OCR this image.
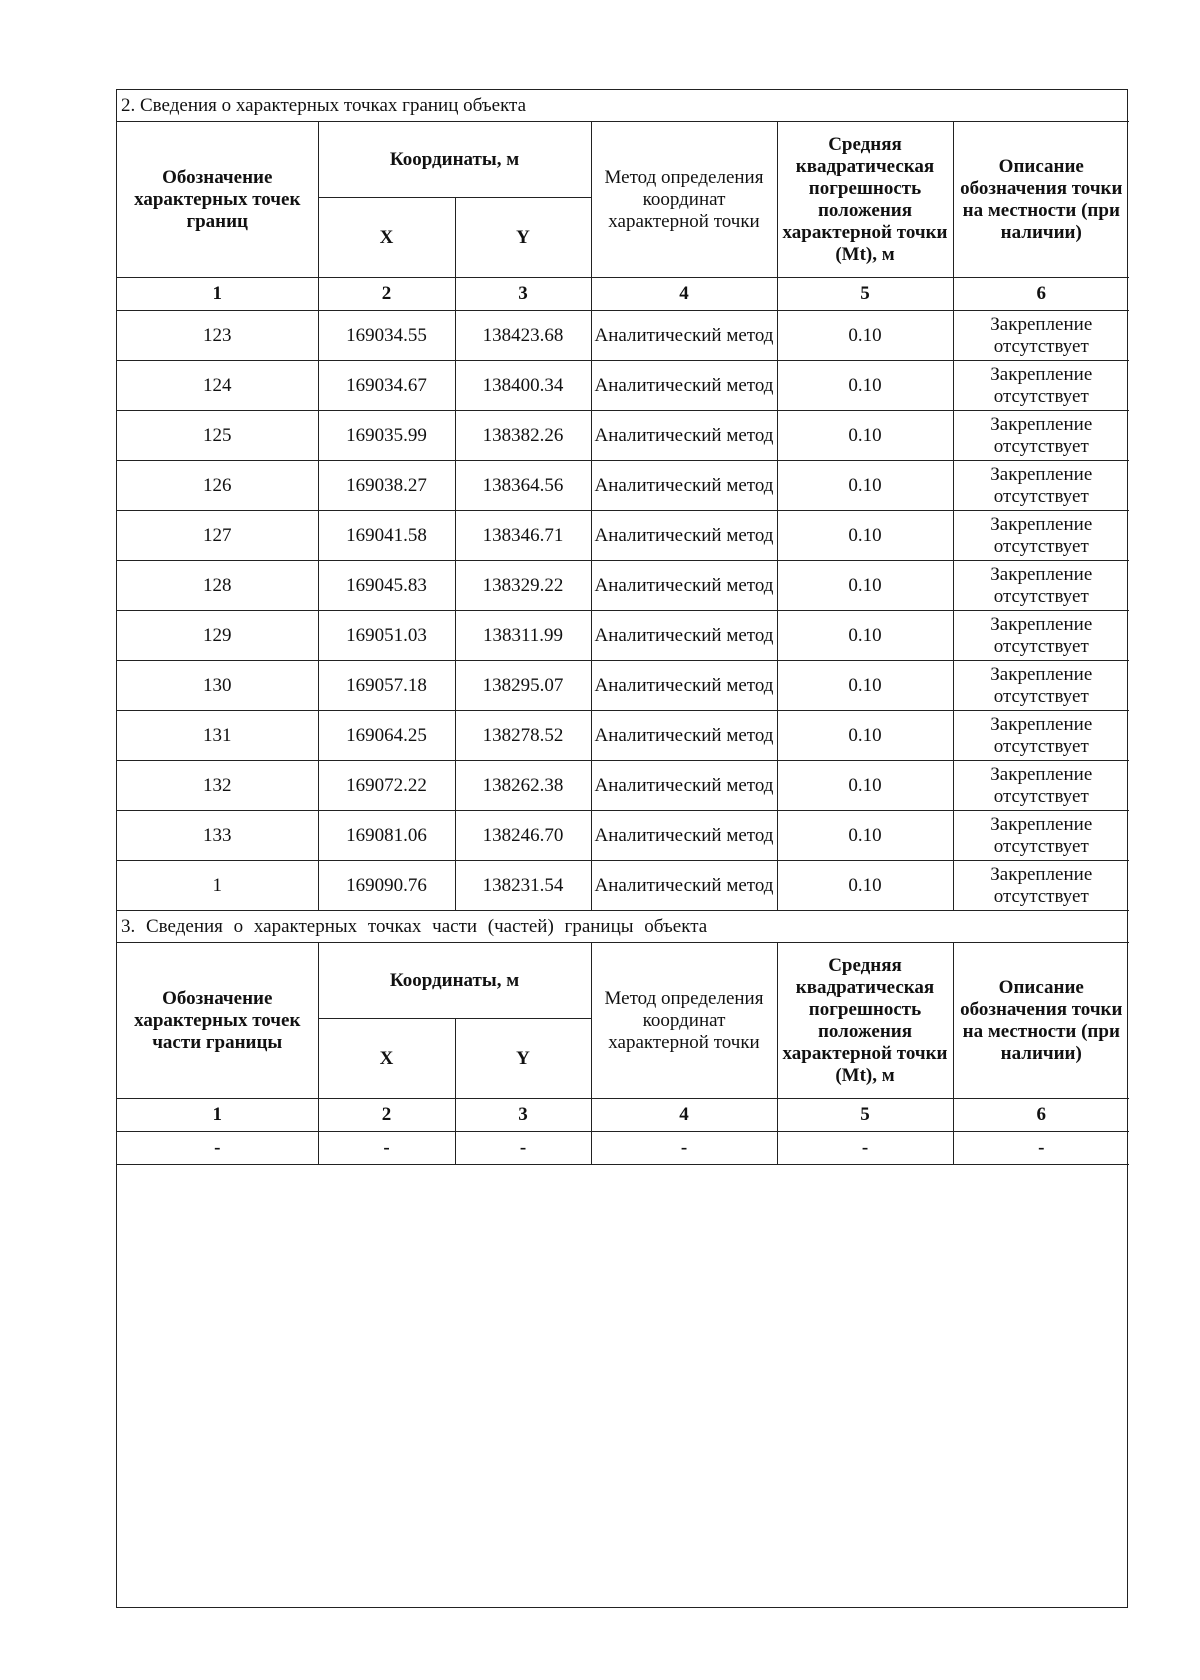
2. Сведения о характерных точках границ объекта					
Обозначение характерных точек границ	Координаты, м		Метод определения координат характерной точки	Средняя квадратическая погрешность положения характерной точки (Mt), м	Описание обозначения точки на местности (при наличии)
	X	Y			
1	2	3	4	5	6
123	169034.55	138423.68	Аналитический метод	0.10	Закрепление отсутствует
124	169034.67	138400.34	Аналитический метод	0.10	Закрепление отсутствует
125	169035.99	138382.26	Аналитический метод	0.10	Закрепление отсутствует
126	169038.27	138364.56	Аналитический метод	0.10	Закрепление отсутствует
127	169041.58	138346.71	Аналитический метод	0.10	Закрепление отсутствует
128	169045.83	138329.22	Аналитический метод	0.10	Закрепление отсутствует
129	169051.03	138311.99	Аналитический метод	0.10	Закрепление отсутствует
130	169057.18	138295.07	Аналитический метод	0.10	Закрепление отсутствует
131	169064.25	138278.52	Аналитический метод	0.10	Закрепление отсутствует
132	169072.22	138262.38	Аналитический метод	0.10	Закрепление отсутствует
133	169081.06	138246.70	Аналитический метод	0.10	Закрепление отсутствует
1	169090.76	138231.54	Аналитический метод	0.10	Закрепление отсутствует
3. Сведения о характерных точках части (частей) границы объекта					
Обозначение характерных точек части границы	Координаты, м		Метод определения координат характерной точки	Средняя квадратическая погрешность положения характерной точки (Mt), м	Описание обозначения точки на местности (при наличии)
	X	Y			
1	2	3	4	5	6
-	-	-	-	-	-
